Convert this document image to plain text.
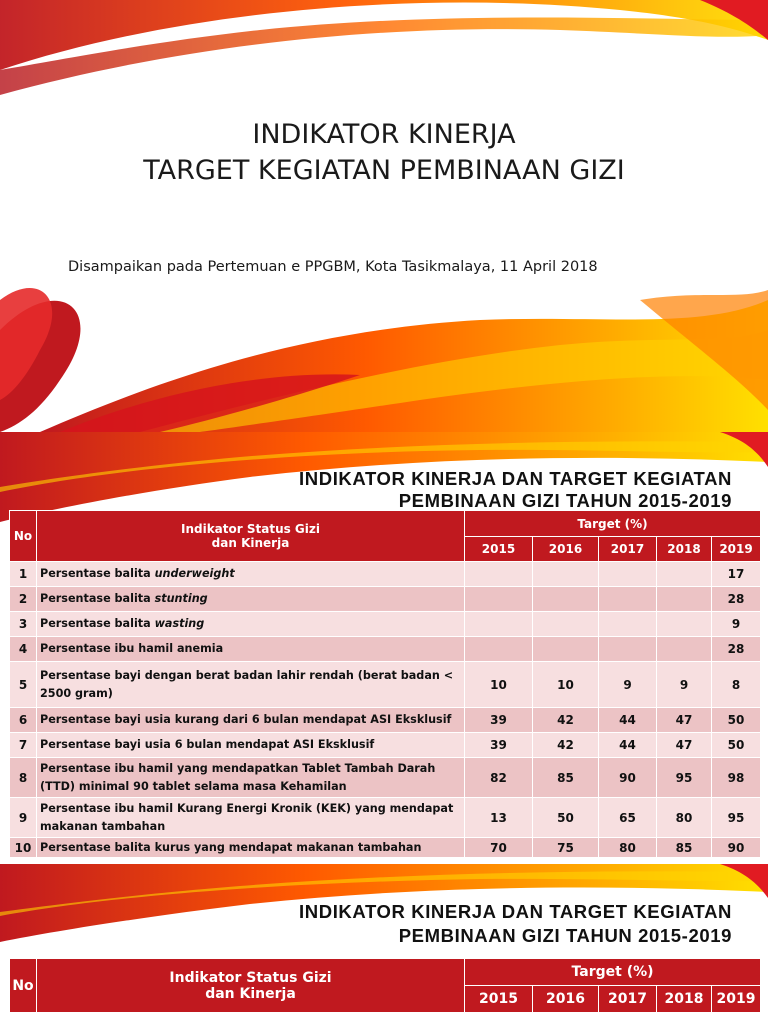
INDIKATOR KINERJA
TARGET KEGIATAN PEMBINAAN GIZI
Disampaikan pada Pertemuan e PPGBM, Kota Tasikmalaya, 11 April 2018
INDIKATOR KINERJA DAN TARGET KEGIATAN
PEMBINAAN GIZI TAHUN 2015-2019
No	Indikator Status Gizi
dan Kinerja	Target (%)				
		2015	2016	2017	2018	2019
1	Persentase balita underweight					17
2	Persentase balita stunting					28
3	Persentase balita wasting					9
4	Persentase ibu hamil anemia					28
5	Persentase bayi dengan berat badan lahir rendah (berat badan < 2500 gram)	10	10	9	9	8
6	Persentase bayi usia kurang dari 6 bulan mendapat ASI Eksklusif	39	42	44	47	50
7	Persentase bayi usia 6 bulan mendapat ASI Eksklusif	39	42	44	47	50
8	Persentase ibu hamil yang mendapatkan Tablet Tambah Darah (TTD) minimal 90 tablet selama masa Kehamilan	82	85	90	95	98
9	Persentase ibu hamil Kurang Energi Kronik (KEK) yang mendapat makanan tambahan	13	50	65	80	95
10	Persentase balita kurus yang mendapat makanan tambahan	70	75	80	85	90
INDIKATOR KINERJA DAN TARGET KEGIATAN
PEMBINAAN GIZI TAHUN 2015-2019
No	Indikator Status Gizi
dan Kinerja	Target (%)				
		2015	2016	2017	2018	2019
